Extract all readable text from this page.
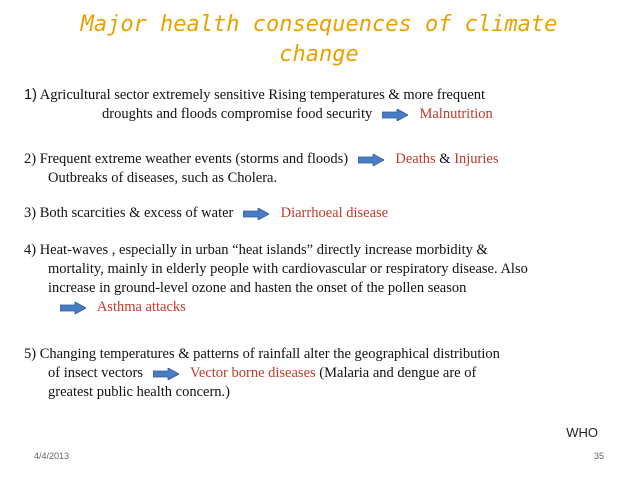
Major health consequences of climate
change
1) Agricultural sector extremely sensitive Rising temperatures & more frequent
droughts and floods compromise food security	Malnutrition
2) Frequent extreme weather events (storms and floods)	Deaths & Injuries
Outbreaks of diseases, such as Cholera.
3) Both scarcities & excess of water	Diarrhoeal disease
4) Heat-waves , especially in urban “heat islands” directly increase morbidity &
mortality, mainly in elderly people with cardiovascular or respiratory disease. Also
increase in ground-level ozone and hasten the onset of the pollen season
Asthma attacks
5) Changing temperatures & patterns of rainfall alter the geographical distribution
of insect vectors	Vector borne diseases (Malaria and dengue are of
greatest public health concern.)
WHO
4/4/2013	35
